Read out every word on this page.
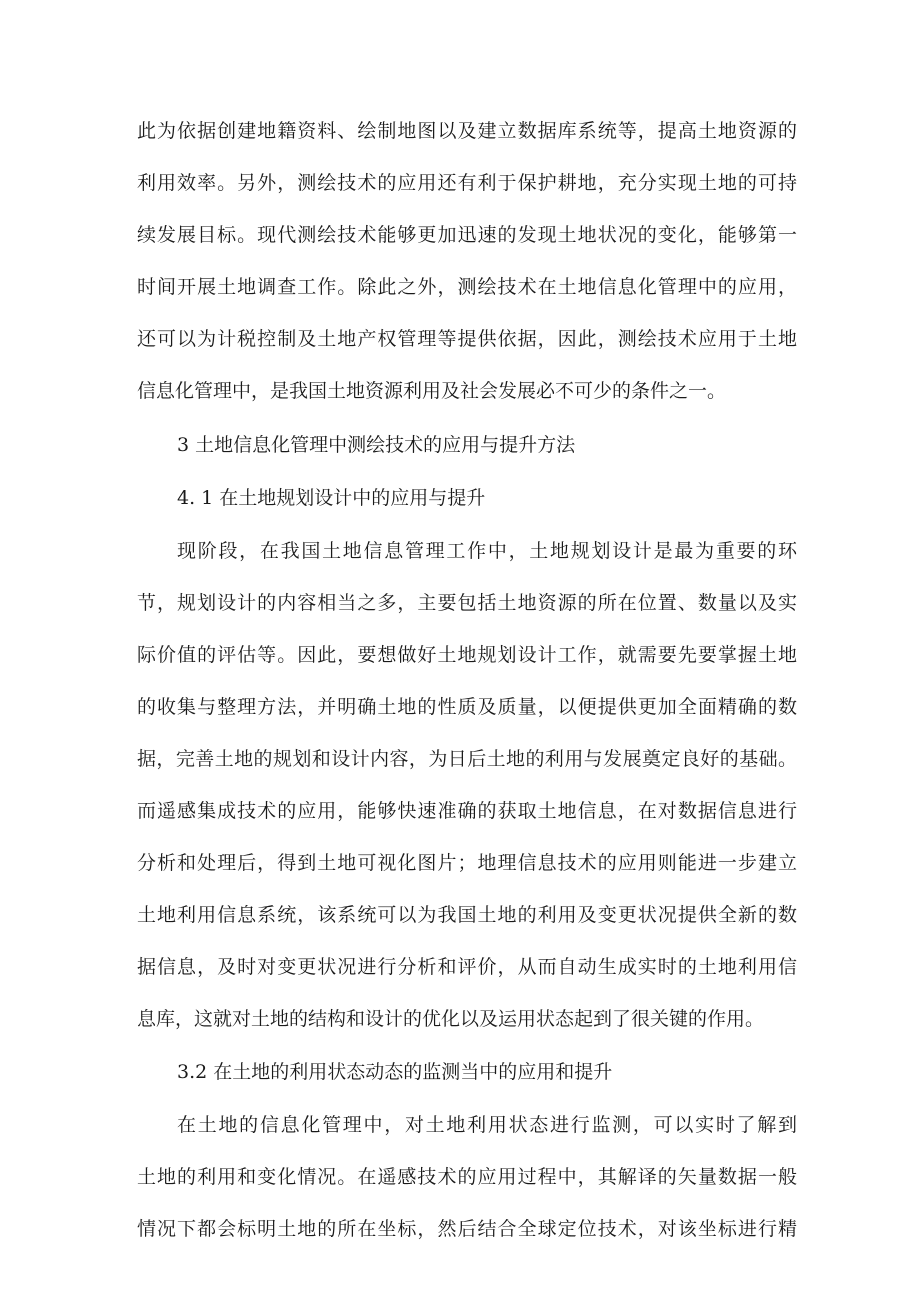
此为依据创建地籍资料、绘制地图以及建立数据库系统等，提高土地资源的
利用效率。另外，测绘技术的应用还有利于保护耕地，充分实现土地的可持
续发展目标。现代测绘技术能够更加迅速的发现土地状况的变化，能够第一
时间开展土地调查工作。除此之外，测绘技术在土地信息化管理中的应用，
还可以为计税控制及土地产权管理等提供依据，因此，测绘技术应用于土地
信息化管理中，是我国土地资源利用及社会发展必不可少的条件之一。
3 土地信息化管理中测绘技术的应用与提升方法
4. 1 在土地规划设计中的应用与提升
现阶段，在我国土地信息管理工作中，土地规划设计是最为重要的环
节，规划设计的内容相当之多，主要包括土地资源的所在位置、数量以及实
际价值的评估等。因此，要想做好土地规划设计工作，就需要先要掌握土地
的收集与整理方法，并明确土地的性质及质量，以便提供更加全面精确的数
据，完善土地的规划和设计内容，为日后土地的利用与发展奠定良好的基础。
而遥感集成技术的应用，能够快速准确的获取土地信息，在对数据信息进行
分析和处理后，得到土地可视化图片；地理信息技术的应用则能进一步建立
土地利用信息系统，该系统可以为我国土地的利用及变更状况提供全新的数
据信息，及时对变更状况进行分析和评价，从而自动生成实时的土地利用信
息库，这就对土地的结构和设计的优化以及运用状态起到了很关键的作用。
3.2 在土地的利用状态动态的监测当中的应用和提升
在土地的信息化管理中，对土地利用状态进行监测，可以实时了解到
土地的利用和变化情况。在遥感技术的应用过程中，其解译的矢量数据一般
情况下都会标明土地的所在坐标，然后结合全球定位技术，对该坐标进行精
